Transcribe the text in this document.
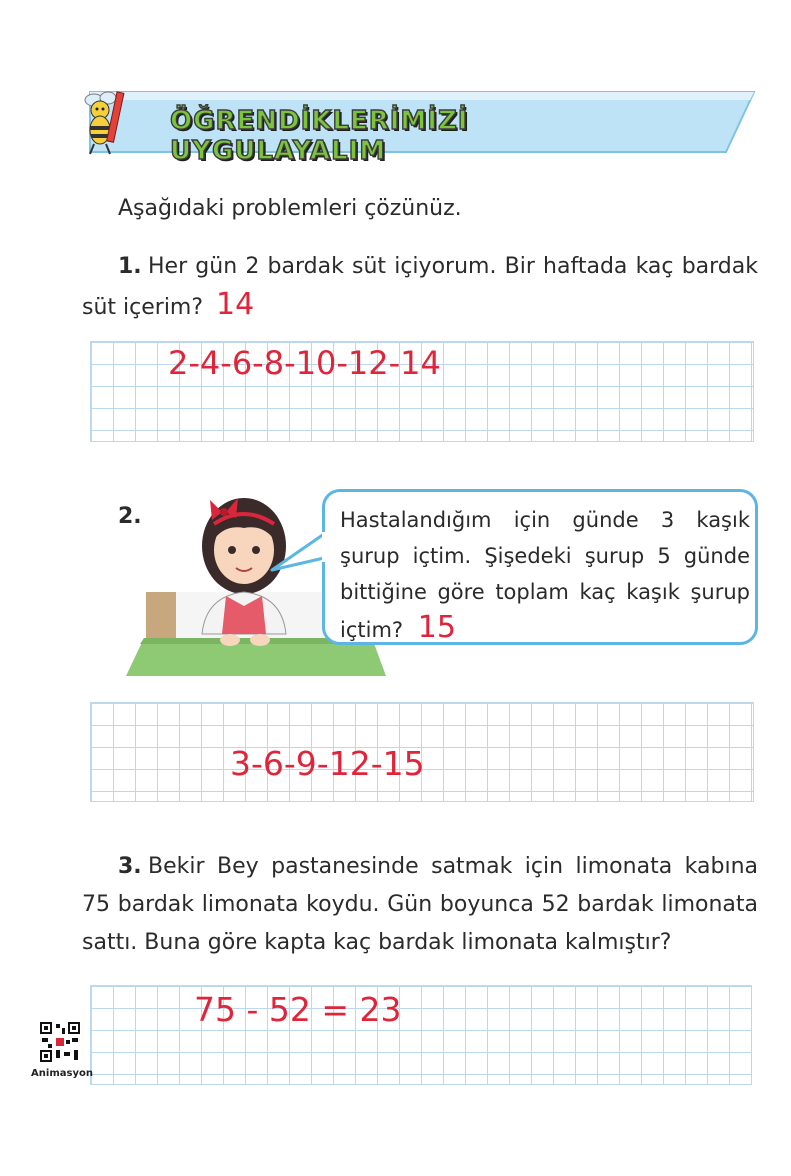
ÖĞRENDİKLERİMİZİ UYGULAYALIM
Aşağıdaki problemleri çözünüz.
1. Her gün 2 bardak süt içiyorum. Bir haftada kaç bardak süt içerim? 14
2-4-6-8-10-12-14
2.	Hastalandığım için günde 3 kaşık şurup içtim. Şişedeki şurup 5 günde bittiğine göre toplam kaç kaşık şurup içtim? 15
3-6-9-12-15
3. Bekir Bey pastanesinde satmak için limonata kabına 75 bardak limonata koydu. Gün boyunca 52 bardak limonata sattı. Buna göre kapta kaç bardak limonata kalmıştır?
75 - 52 = 23
Animasyon
